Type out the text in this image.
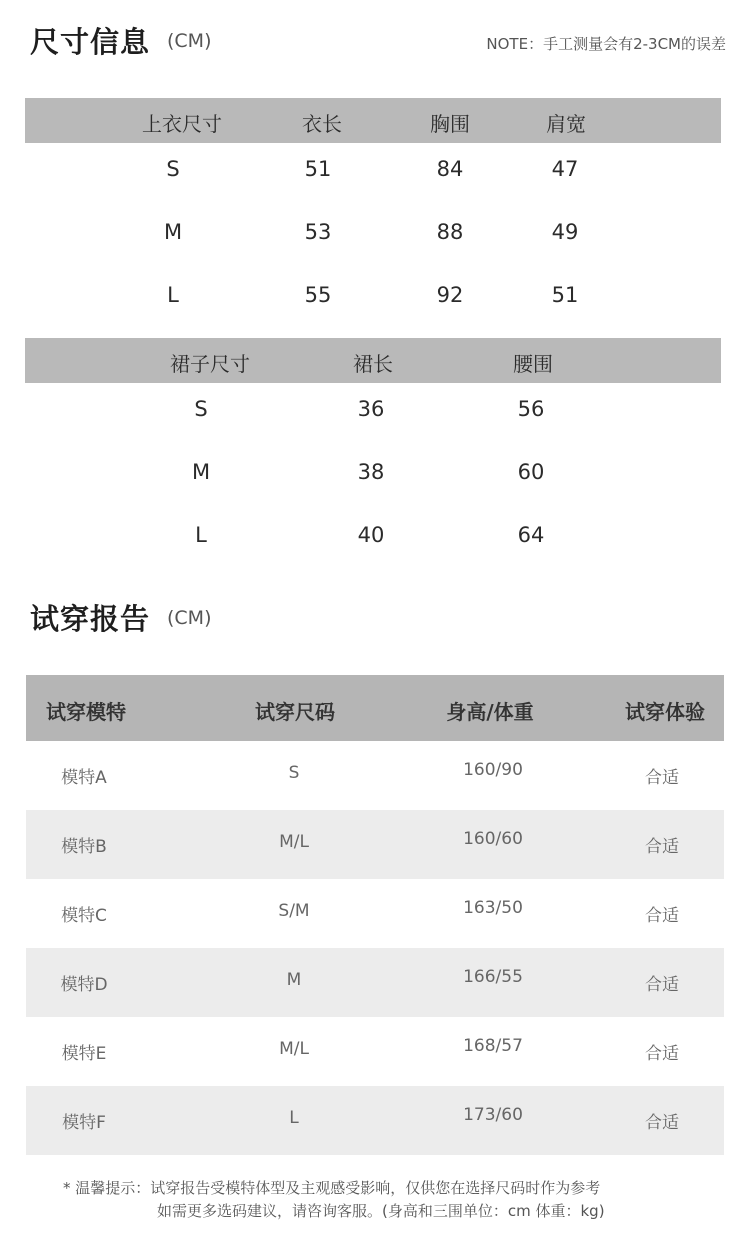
尺寸信息 (CM)	NOTE：手工测量会有2-3CM的误差
上衣尺寸	衣长	胸围	肩宽
S	51	84	47
M	53	88	49
L	55	92	51
裙子尺寸	裙长	腰围
S	36	56
M	38	60
L	40	64
试穿报告 (CM)
试穿模特	试穿尺码	身高/体重	试穿体验
模特A	S	160/90	合适
模特B	M/L	160/60	合适
模特C	S/M	163/50	合适
模特D	M	166/55	合适
模特E	M/L	168/57	合适
模特F	L	173/60	合适
* 温馨提示：试穿报告受模特体型及主观感受影响，仅供您在选择尺码时作为参考
如需更多选码建议，请咨询客服。(身高和三围单位：cm 体重：kg)
